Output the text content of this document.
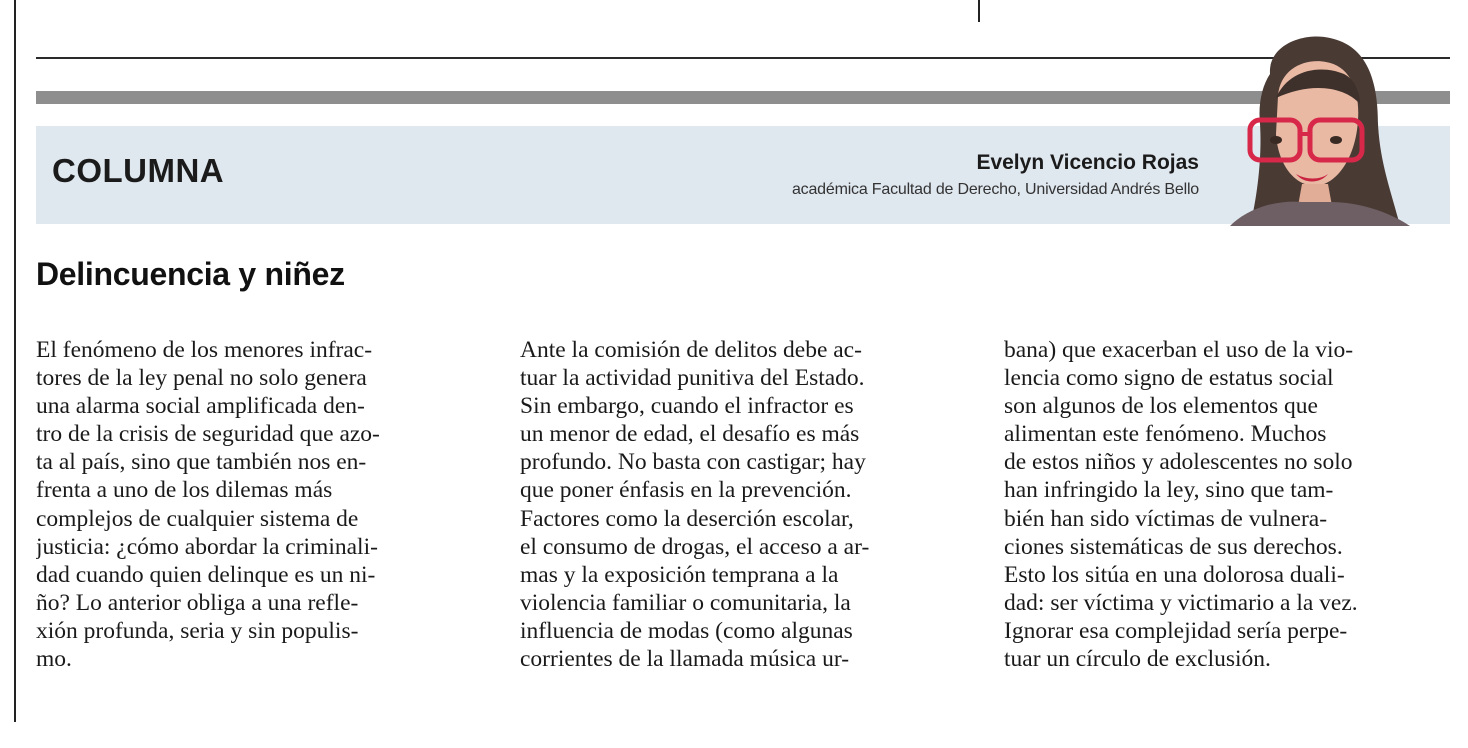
COLUMNA	Evelyn Vicencio Rojas
académica Facultad de Derecho, Universidad Andrés Bello
Delincuencia y niñez
El fenómeno de los menores infrac-
tores de la ley penal no solo genera
una alarma social amplificada den-
tro de la crisis de seguridad que azo-
ta al país, sino que también nos en-
frenta a uno de los dilemas más
complejos de cualquier sistema de
justicia: ¿cómo abordar la criminali-
dad cuando quien delinque es un ni-
ño? Lo anterior obliga a una refle-
xión profunda, seria y sin populis-
mo.
Ante la comisión de delitos debe ac-
tuar la actividad punitiva del Estado.
Sin embargo, cuando el infractor es
un menor de edad, el desafío es más
profundo. No basta con castigar; hay
que poner énfasis en la prevención.
Factores como la deserción escolar,
el consumo de drogas, el acceso a ar-
mas y la exposición temprana a la
violencia familiar o comunitaria, la
influencia de modas (como algunas
corrientes de la llamada música ur-
bana) que exacerban el uso de la vio-
lencia como signo de estatus social
son algunos de los elementos que
alimentan este fenómeno. Muchos
de estos niños y adolescentes no solo
han infringido la ley, sino que tam-
bién han sido víctimas de vulnera-
ciones sistemáticas de sus derechos.
Esto los sitúa en una dolorosa duali-
dad: ser víctima y victimario a la vez.
Ignorar esa complejidad sería perpe-
tuar un círculo de exclusión.
